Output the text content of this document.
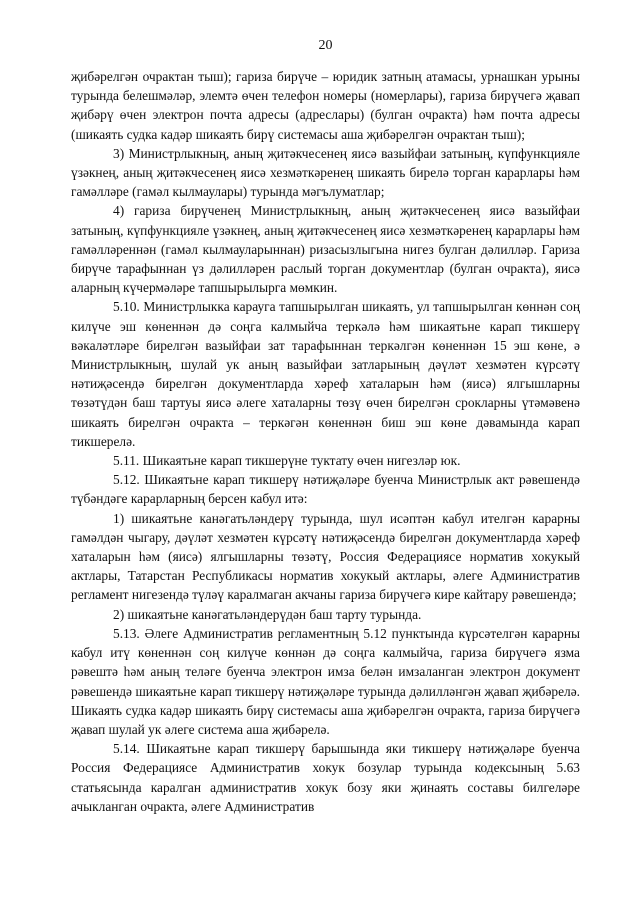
20

җибәрелгән очрактан тыш); гариза бирүче – юридик затның атамасы, урнашкан урыны турында белешмәләр, элемтә өчен телефон номеры (номерлары), гариза бирүчегә җавап җибәрү өчен электрон почта адресы (адреслары) (булган очракта) һәм почта адресы (шикаять судка кадәр шикаять бирү системасы аша җибәрелгән очрактан тыш);

3) Министрлыкның, аның җитәкчесенең яисә вазыйфаи затының, күпфункцияле үзәкнең, аның җитәкчесенең яисә хезмәткәренең шикаять бирелә торган карарлары һәм гамәлләре (гамәл кылмаулары) турында мәгълуматлар;

4) гариза бирүченең Министрлыкның, аның җитәкчесенең яисә вазыйфаи затының, күпфункцияле үзәкнең, аның җитәкчесенең яисә хезмәткәренең карарлары һәм гамәлләреннән (гамәл кылмауларыннан) ризасызлыгына нигез булган дәлилләр. Гариза бирүче тарафыннан үз дәлилләрен раслый торган документлар (булган очракта), яисә аларның күчермәләре тапшырылырга мөмкин.

5.10. Министрлыкка карауга тапшырылган шикаять, ул тапшырылган көннән соң килүче эш көненнән дә соңга калмыйча теркәлә һәм шикаятьне карап тикшерү вәкаләтләре бирелгән вазыйфаи зат тарафыннан теркәлгән көненнән 15 эш көне, ә Министрлыкның, шулай ук аның вазыйфаи затларының дәүләт хезмәтен күрсәтү нәтиҗәсендә бирелгән документларда хәреф хаталарын һәм (яисә) ялгышларны төзәтүдән баш тартуы яисә әлеге хаталарны төзү өчен бирелгән срокларны үтәмәвенә шикаять бирелгән очракта – теркәгән көненнән биш эш көне дәвамында карап тикшерелә.

5.11. Шикаятьне карап тикшерүне туктату өчен нигезләр юк.

5.12. Шикаятьне карап тикшерү нәтиҗәләре буенча Министрлык акт рәвешендә түбәндәге карарларның берсен кабул итә:

1) шикаятьне канәгатьләндерү турында, шул исәптән кабул ителгән карарны гамәлдән чыгару, дәүләт хезмәтен күрсәтү нәтиҗәсендә бирелгән документларда хәреф хаталарын һәм (яисә) ялгышларны төзәтү, Россия Федерациясе норматив хокукый актлары, Татарстан Республикасы норматив хокукый актлары, әлеге Административ регламент нигезендә түләү каралмаган акчаны гариза бирүчегә кире кайтару рәвешендә;

2) шикаятьне канәгатьләндерүдән баш тарту турында.

5.13. Әлеге Административ регламентның 5.12 пунктында күрсәтелгән карарны кабул итү көненнән соң килүче көннән дә соңга калмыйча, гариза бирүчегә язма рәвештә һәм аның теләге буенча электрон имза белән имзаланган электрон документ рәвешендә шикаятьне карап тикшерү нәтиҗәләре турында дәлилләнгән җавап җибәрелә. Шикаять судка кадәр шикаять бирү системасы аша җибәрелгән очракта, гариза бирүчегә җавап шулай ук әлеге система аша җибәрелә.

5.14. Шикаятьне карап тикшерү барышында яки тикшерү нәтиҗәләре буенча Россия Федерациясе Административ хокук бозулар турында кодексының 5.63 статьясында каралган административ хокук бозу яки җинаять составы билгеләре ачыкланган очракта, әлеге Административ
